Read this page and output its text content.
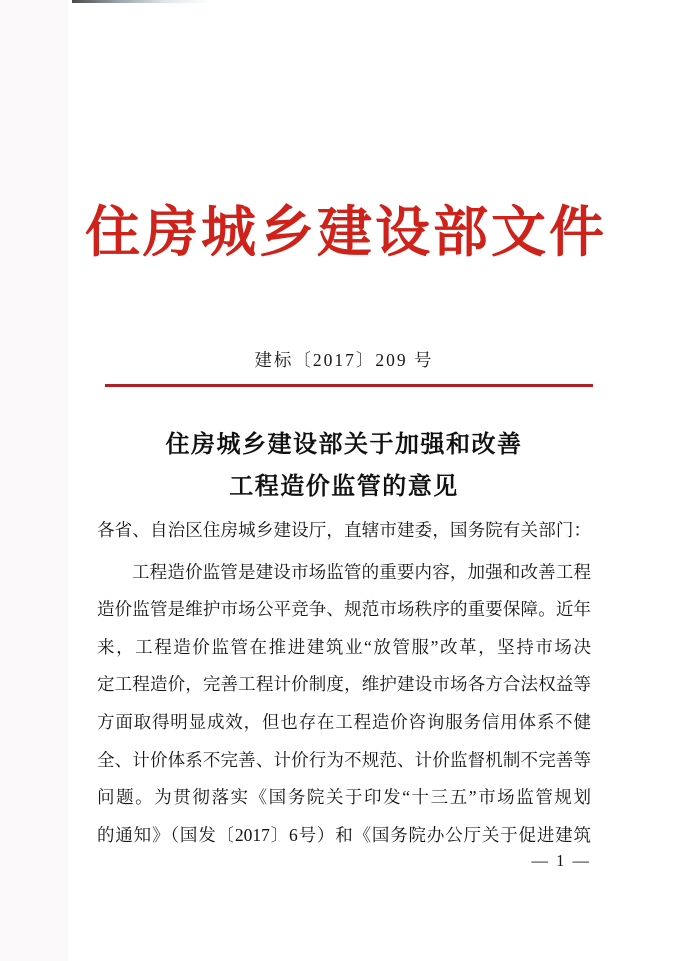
住房城乡建设部文件
建标〔2017〕209 号
住房城乡建设部关于加强和改善
工程造价监管的意见
各省、自治区住房城乡建设厅，直辖市建委，国务院有关部门：
工程造价监管是建设市场监管的重要内容，加强和改善工程
造价监管是维护市场公平竞争、规范市场秩序的重要保障。近年
来，工程造价监管在推进建筑业“放管服”改革，坚持市场决
定工程造价，完善工程计价制度，维护建设市场各方合法权益等
方面取得明显成效，但也存在工程造价咨询服务信用体系不健
全、计价体系不完善、计价行为不规范、计价监督机制不完善等
问题。为贯彻落实《国务院关于印发“十三五”市场监管规划
的通知》（国发〔2017〕6号）和《国务院办公厅关于促进建筑
— 1 —
